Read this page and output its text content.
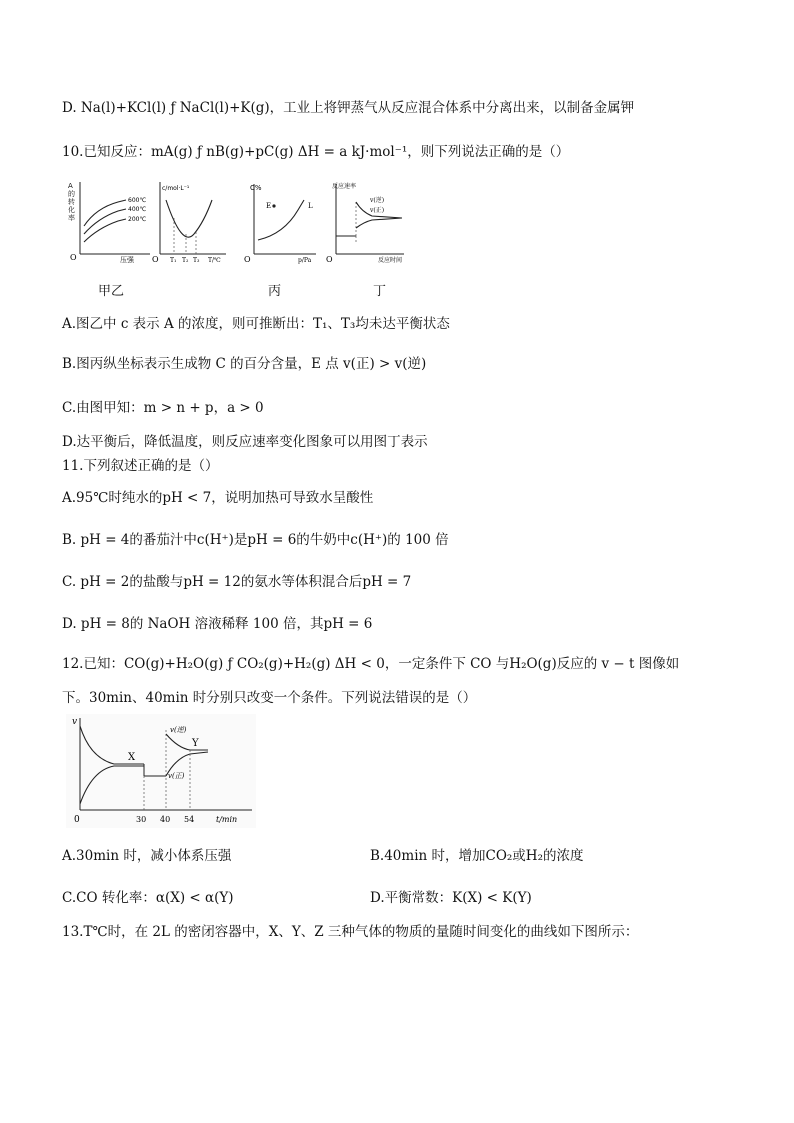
D. Na(l)+KCl(l) ƒ NaCl(l)+K(g)，工业上将钾蒸气从反应混合体系中分离出来，以制备金属钾
10.已知反应：mA(g) ƒ nB(g)+pC(g) ΔH = a kJ·mol⁻¹，则下列说法正确的是（）
O
600℃
400℃
200℃
压强
A的转化率
c/mol·L⁻¹
O T₁ T₂ T₃ T/℃
C%
E	L
O	p/Pa
反应速率
v(逆)
v(正)
O	反应时间
甲乙	丙	丁
A.图乙中 c 表示 A 的浓度，则可推断出：T₁、T₃均未达平衡状态
B.图丙纵坐标表示生成物 C 的百分含量，E 点 v(正) > v(逆)
C.由图甲知：m > n + p，a > 0
D.达平衡后，降低温度，则反应速率变化图象可以用图丁表示
11.下列叙述正确的是（）
A.95℃时纯水的pH < 7，说明加热可导致水呈酸性
B. pH = 4的番茄汁中c(H⁺)是pH = 6的牛奶中c(H⁺)的 100 倍
C. pH = 2的盐酸与pH = 12的氨水等体积混合后pH = 7
D. pH = 8的 NaOH 溶液稀释 100 倍，其pH = 6
12.已知：CO(g)+H₂O(g) ƒ CO₂(g)+H₂(g) ΔH < 0，一定条件下 CO 与H₂O(g)反应的 v − t 图像如
下。30min、40min 时分别只改变一个条件。下列说法错误的是（）
v
0	30 40 54	t/min
X
Y
v(逆)
v(正)
A.30min 时，减小体系压强	B.40min 时，增加CO₂或H₂的浓度
C.CO 转化率：α(X) < α(Y)	D.平衡常数：K(X) < K(Y)
13.T℃时，在 2L 的密闭容器中，X、Y、Z 三种气体的物质的量随时间变化的曲线如下图所示：
